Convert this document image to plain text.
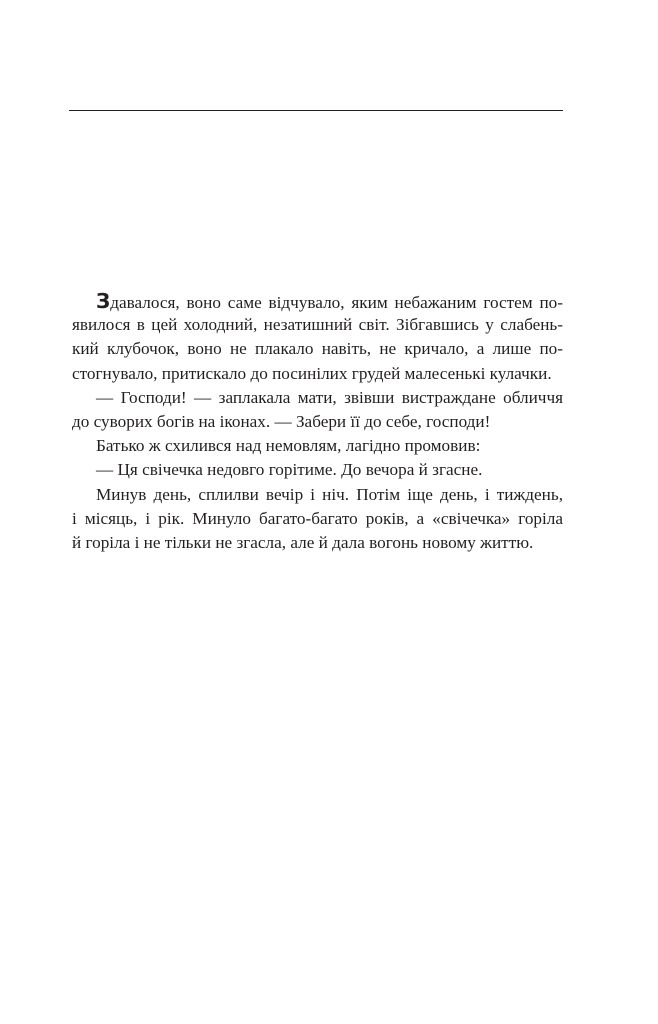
Здавалося, воно саме відчувало, яким небажаним гостем по-
явилося в цей холодний, незатишний світ. Зібгавшись у слабень-
кий клубочок, воно не плакало навіть, не кричало, а лише по-
стогнувало, притискало до посинілих грудей малесенькі кулачки.
— Господи! — заплакала мати, звівши вистраждане обличчя
до суворих богів на іконах. — Забери її до себе, господи!
Батько ж схилився над немовлям, лагідно промовив:
— Ця свічечка недовго горітиме. До вечора й згасне.
Минув день, сплилви вечір і ніч. Потім іще день, і тиждень,
і місяць, і рік. Минуло багато-багато років, а «свічечка» горіла
й горіла і не тільки не згасла, але й дала вогонь новому життю.
